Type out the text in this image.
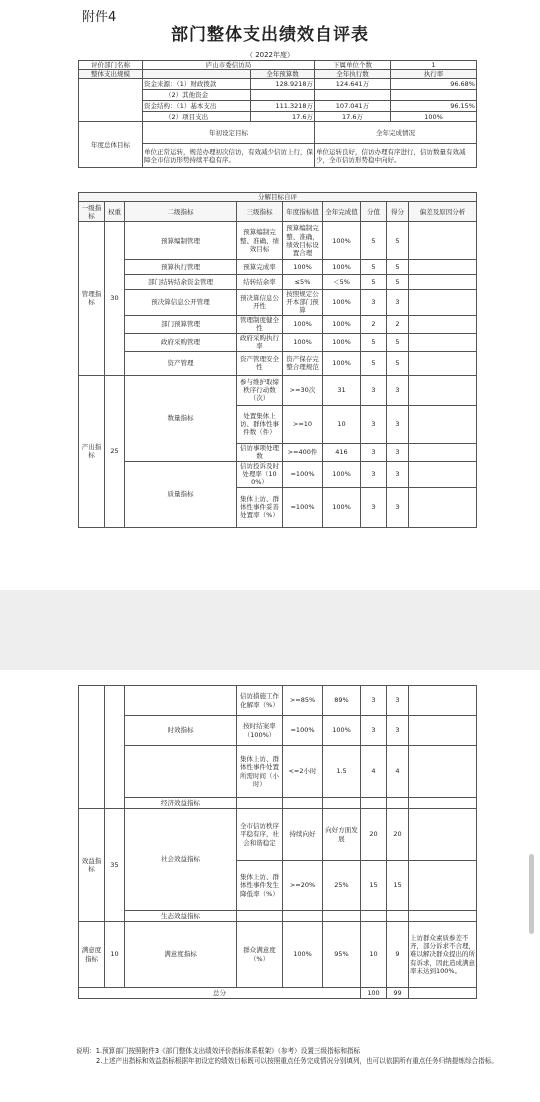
附件4
部门整体支出绩效自评表
（ 2022年度）
评价部门名称	庐山市委信访局		下属单位个数	1
整体支出规模		全年预算数	全年执行数	执行率
	资金来源：（1）财政拨款	128.9218万	124.641万	96.68%
	（2）其他资金			
	资金结构：（1）基本支出	111.3218万	107.041万	96.15%
	（2）项目支出	17.6万	17.6万	100%
年度总体目标	年初设定目标		全年完成情况	
	单位正常运转，规范办理初次信访，有效减少信访上行，保障全市信访形势持续平稳有序。		单位运转良好，信访办理有序进行，信访数量有效减少，全市信访形势稳中向好。	
分解目标自评								
一级指标	权重	二级指标	三级指标	年度指标值	全年完成值	分值	得分	偏差及原因分析
管理指标	30	预算编制管理	预算编制完整、准确、绩效目标	预算编制完整、准确，绩效目标设置合理	100%	5	5	
		预算执行管理	预算完成率	100%	100%	5	5	
		部门结转结余资金管理	结转结余率	≤5%	＜5%	5	5	
		预决算信息公开管理	预决算信息公开性	按照规定公开本部门预算	100%	3	3	
		部门预算管理	管理制度健全性	100%	100%	2	2	
		政府采购管理	政府采购执行率	100%	100%	5	5	
		资产管理	资产管理安全性	资产保存完整合理规范	100%	5	5	
产出指标	25	数量指标	参与维护取缔秩序行动数（次）	>=30次	31	3	3	
			处置集体上访、群体性事件数（件）	>=10	10	3	3	
			信访事项处理数	>=400件	416	3	3	
		质量指标	信访投诉及时处理率（100%）	=100%	100%	3	3	
			集体上访、群体性事件妥善处置率（%）	=100%	100%	3	3	
			信访措施工作化解率（%）	>=85%	89%	3	3	
		时效指标	按时结案率（100%）	=100%	100%	3	3	
			集体上访、群体性事件处置所需时间（小时）	<=2小时	1.5	4	4	
		经济效益指标						
效益指标	35	社会效益指标	全市信访秩序平稳有序，社会和谐稳定	持续向好	向好方面发展	20	20	
			集体上访、群体性事件发生降低率（%）	>=20%	25%	15	15	
		生态效益指标						
满意度指标	10	满意度指标	群众满意度（%）	100%	95%	10	9	上访群众素质参差不齐，部分诉求不合理，难以解决群众提出的所有诉求，因此造成满意率未达到100%。
总分						100	99	
说明：1.预算部门按照附件3《部门整体支出绩效评价指标体系框架》（参考）设置三级指标和指标
2.上述产出指标和效益指标根据年初设定的绩效目标既可以按照重点任务完成情况分别填列，也可以依据所有重点任务归纳提炼综合指标。
